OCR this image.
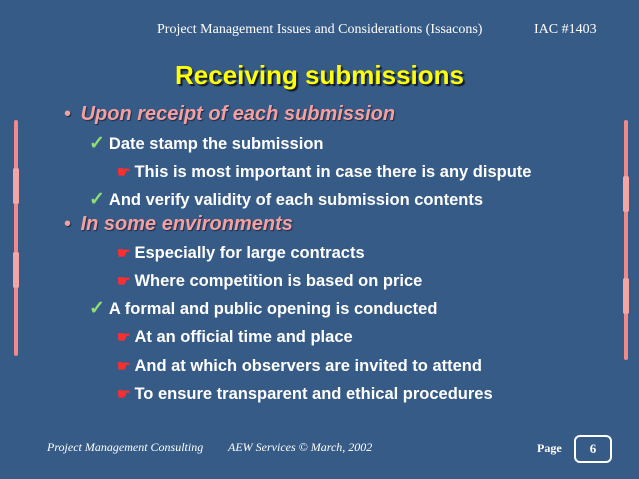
Project Management Issues and Considerations (Issacons)	IAC #1403
Receiving submissions
• Upon receipt of each submission
✓ Date stamp the submission
☛ This is most important in case there is any dispute
✓ And verify validity of each submission contents
• In some environments
☛ Especially for large contracts
☛ Where competition is based on price
✓ A formal and public opening is conducted
☛ At an official time and place
☛ And at which observers are invited to attend
☛ To ensure transparent and ethical procedures
Project Management Consulting AEW Services © March, 2002	Page	6
